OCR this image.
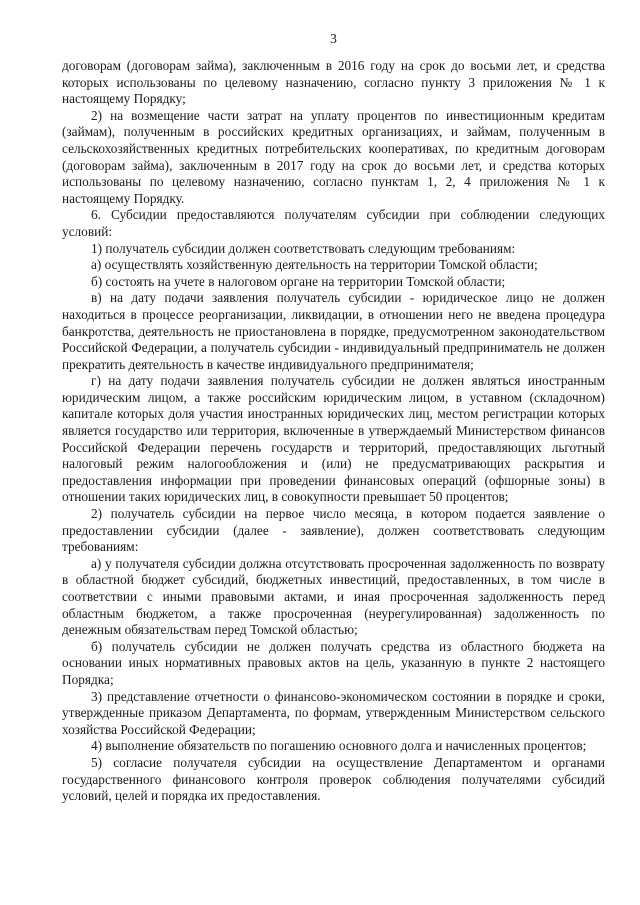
3

договорам (договорам займа), заключенным в 2016 году на срок до восьми лет, и средства которых использованы по целевому назначению, согласно пункту 3 приложения № 1 к настоящему Порядку;

2) на возмещение части затрат на уплату процентов по инвестиционным кредитам (займам), полученным в российских кредитных организациях, и займам, полученным в сельскохозяйственных кредитных потребительских кооперативах, по кредитным договорам (договорам займа), заключенным в 2017 году на срок до восьми лет, и средства которых использованы по целевому назначению, согласно пунктам 1, 2, 4 приложения № 1 к настоящему Порядку.

6. Субсидии предоставляются получателям субсидии при соблюдении следующих условий:

1) получатель субсидии должен соответствовать следующим требованиям:

а) осуществлять хозяйственную деятельность на территории Томской области;

б) состоять на учете в налоговом органе на территории Томской области;

в) на дату подачи заявления получатель субсидии - юридическое лицо не должен находиться в процессе реорганизации, ликвидации, в отношении него не введена процедура банкротства, деятельность не приостановлена в порядке, предусмотренном законодательством Российской Федерации, а получатель субсидии - индивидуальный предприниматель не должен прекратить деятельность в качестве индивидуального предпринимателя;

г) на дату подачи заявления получатель субсидии не должен являться иностранным юридическим лицом, а также российским юридическим лицом, в уставном (складочном) капитале которых доля участия иностранных юридических лиц, местом регистрации которых является государство или территория, включенные в утверждаемый Министерством финансов Российской Федерации перечень государств и территорий, предоставляющих льготный налоговый режим налогообложения и (или) не предусматривающих раскрытия и предоставления информации при проведении финансовых операций (офшорные зоны) в отношении таких юридических лиц, в совокупности превышает 50 процентов;

2) получатель субсидии на первое число месяца, в котором подается заявление о предоставлении субсидии (далее - заявление), должен соответствовать следующим требованиям:

а) у получателя субсидии должна отсутствовать просроченная задолженность по возврату в областной бюджет субсидий, бюджетных инвестиций, предоставленных, в том числе в соответствии с иными правовыми актами, и иная просроченная задолженность перед областным бюджетом, а также просроченная (неурегулированная) задолженность по денежным обязательствам перед Томской областью;

б) получатель субсидии не должен получать средства из областного бюджета на основании иных нормативных правовых актов на цель, указанную в пункте 2 настоящего Порядка;

3) представление отчетности о финансово-экономическом состоянии в порядке и сроки, утвержденные приказом Департамента, по формам, утвержденным Министерством сельского хозяйства Российской Федерации;

4) выполнение обязательств по погашению основного долга и начисленных процентов;

5) согласие получателя субсидии на осуществление Департаментом и органами государственного финансового контроля проверок соблюдения получателями субсидий условий, целей и порядка их предоставления.
